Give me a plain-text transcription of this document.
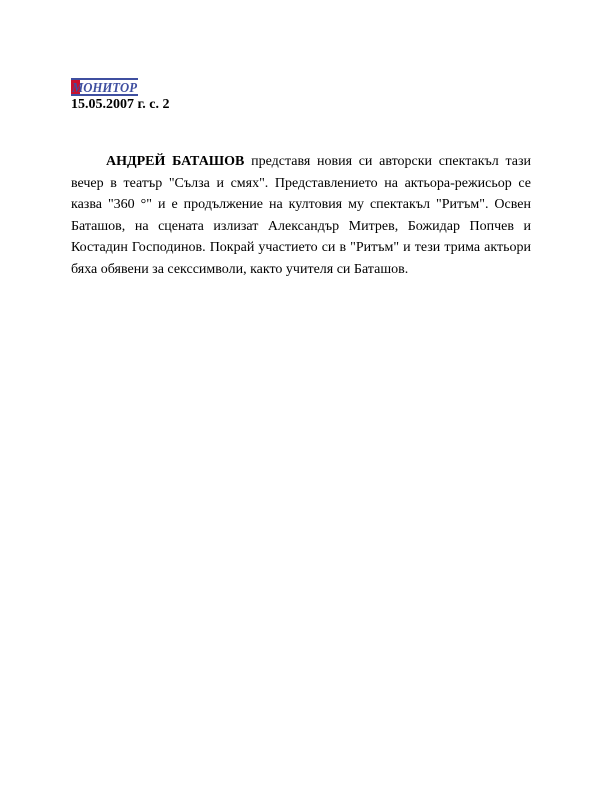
МОНИТОР
15.05.2007 г. с. 2

АНДРЕЙ БАТАШОВ представя новия си авторски спектакъл тази вечер в театър "Сълза и смях". Представлението на актьора-режисьор се казва "360 °" и е продължение на култовия му спектакъл "Ритъм". Освен Баташов, на сцената излизат Александър Митрев, Божидар Попчев и Костадин Господинов. Покрай участието си в "Ритъм" и тези трима актьори бяха обявени за секссимволи, както учителя си Баташов.
